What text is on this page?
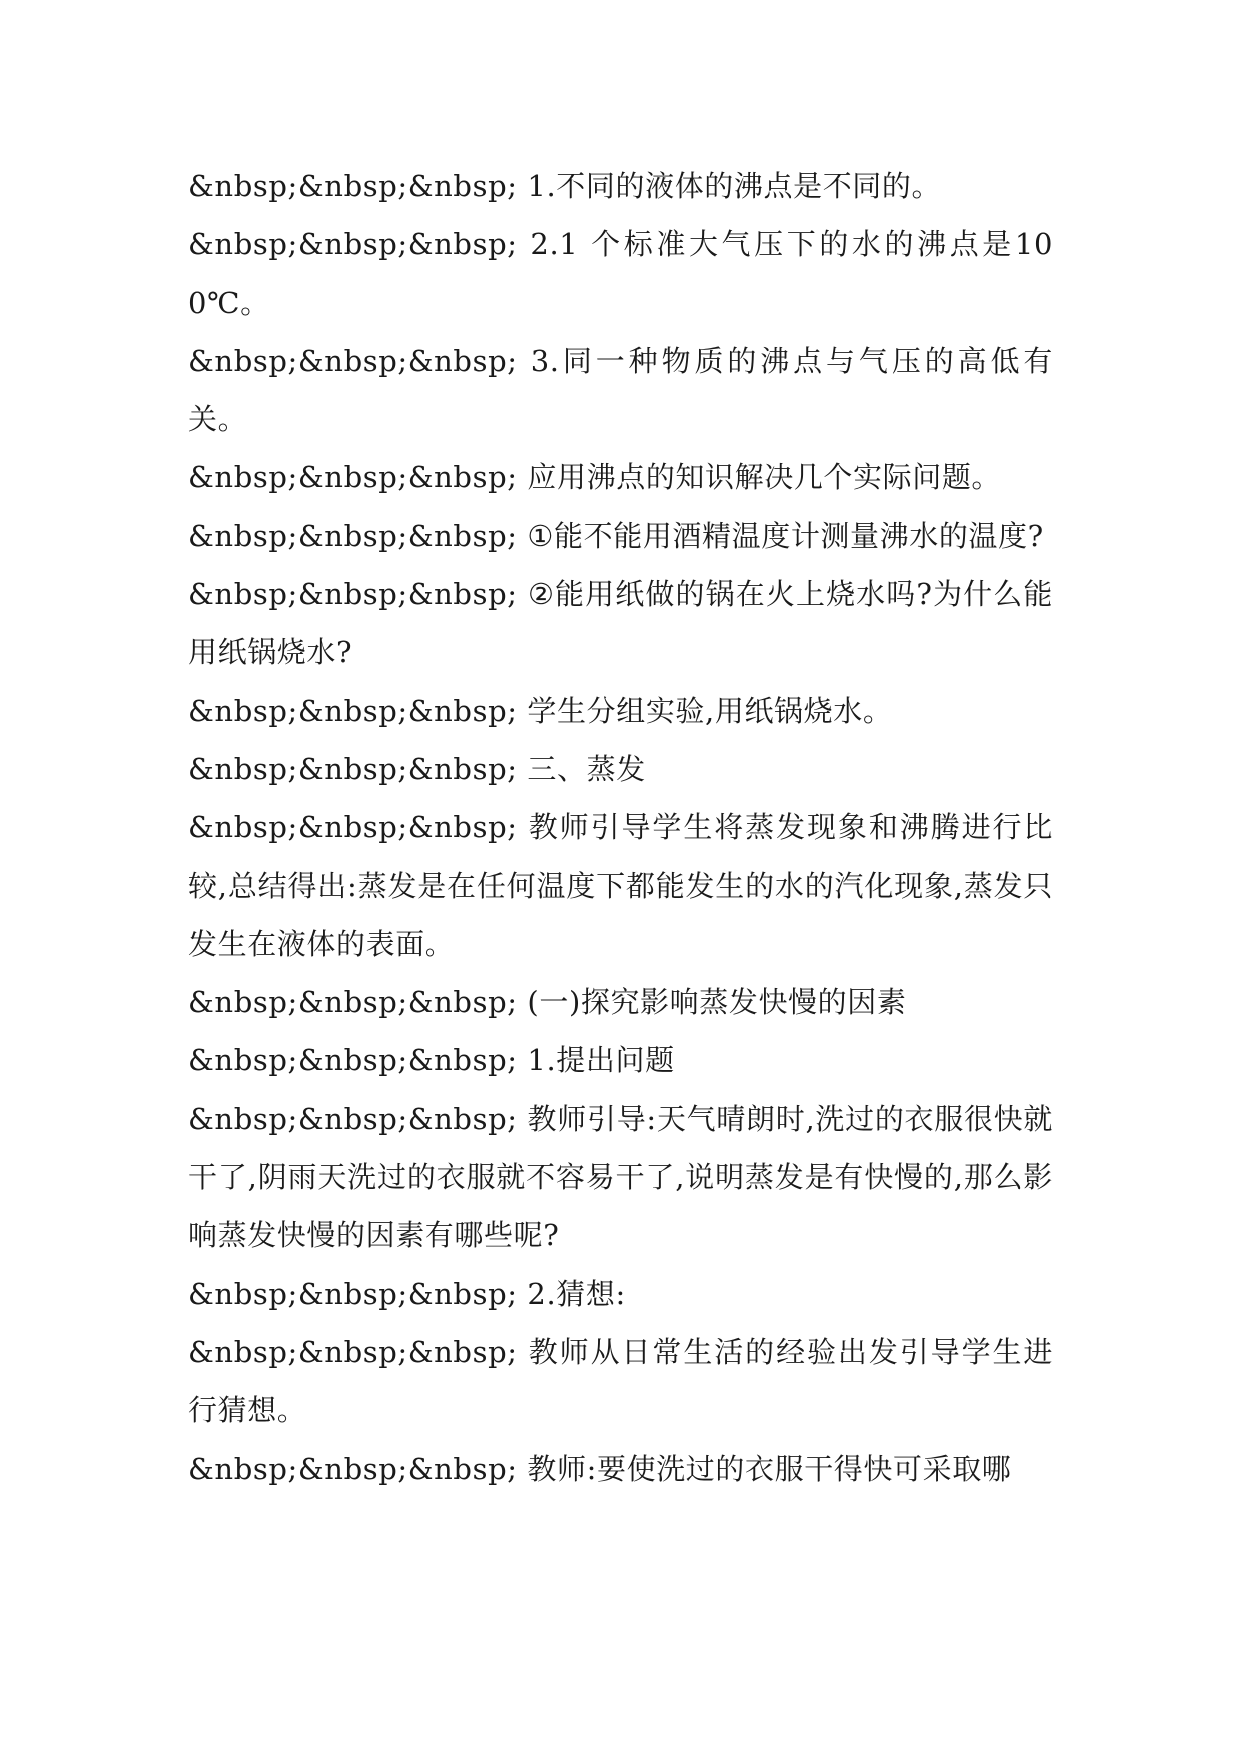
&nbsp;&nbsp;&nbsp; 1.不同的液体的沸点是不同的。

&nbsp;&nbsp;&nbsp; 2.1 个标准大气压下的水的沸点是100℃。

&nbsp;&nbsp;&nbsp; 3.同一种物质的沸点与气压的高低有关。

&nbsp;&nbsp;&nbsp; 应用沸点的知识解决几个实际问题。

&nbsp;&nbsp;&nbsp; ①能不能用酒精温度计测量沸水的温度?

&nbsp;&nbsp;&nbsp; ②能用纸做的锅在火上烧水吗?为什么能用纸锅烧水?

&nbsp;&nbsp;&nbsp; 学生分组实验,用纸锅烧水。

&nbsp;&nbsp;&nbsp; 三、蒸发

&nbsp;&nbsp;&nbsp; 教师引导学生将蒸发现象和沸腾进行比较,总结得出:蒸发是在任何温度下都能发生的水的汽化现象,蒸发只发生在液体的表面。

&nbsp;&nbsp;&nbsp; (一)探究影响蒸发快慢的因素

&nbsp;&nbsp;&nbsp; 1.提出问题

&nbsp;&nbsp;&nbsp; 教师引导:天气晴朗时,洗过的衣服很快就干了,阴雨天洗过的衣服就不容易干了,说明蒸发是有快慢的,那么影响蒸发快慢的因素有哪些呢?

&nbsp;&nbsp;&nbsp; 2.猜想:

&nbsp;&nbsp;&nbsp; 教师从日常生活的经验出发引导学生进行猜想。

&nbsp;&nbsp;&nbsp; 教师:要使洗过的衣服干得快可采取哪
